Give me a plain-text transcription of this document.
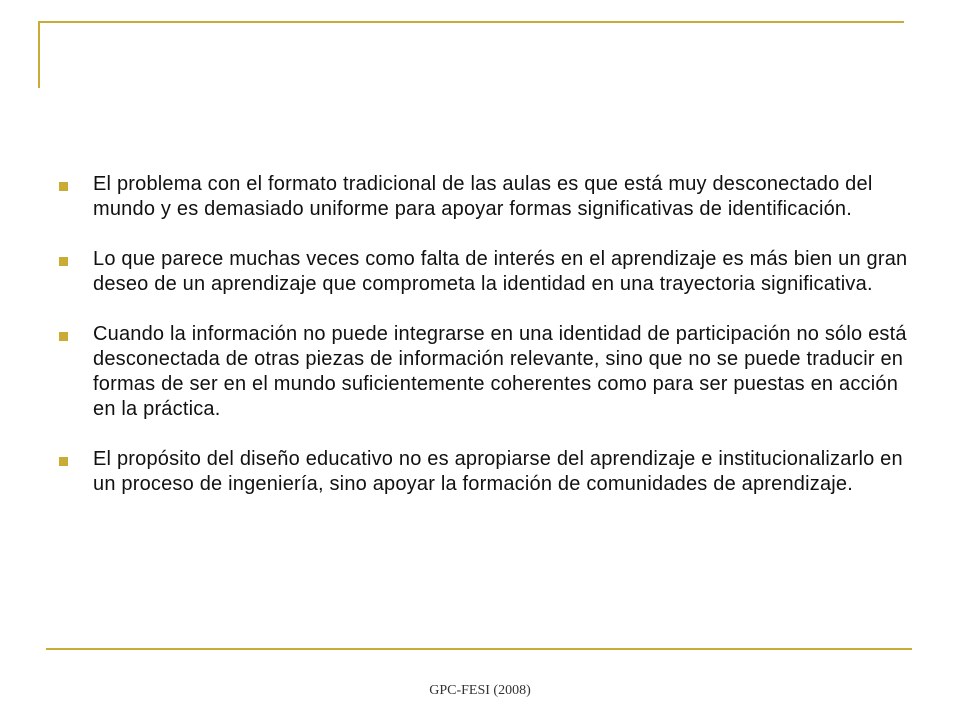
El problema con el formato tradicional de las aulas es que está muy desconectado del mundo y es demasiado uniforme para apoyar formas significativas de identificación.
Lo que parece muchas veces como falta de interés en el aprendizaje es más bien un gran deseo de un aprendizaje que comprometa la identidad en una trayectoria significativa.
Cuando la información no puede integrarse en una identidad de participación no sólo está desconectada de otras piezas de información relevante, sino que no se puede traducir en formas de ser en el mundo suficientemente coherentes como para ser puestas en acción en la práctica.
El propósito del diseño educativo no es apropiarse del aprendizaje e institucionalizarlo en un proceso de ingeniería, sino apoyar la formación de comunidades de aprendizaje.
GPC-FESI (2008)
